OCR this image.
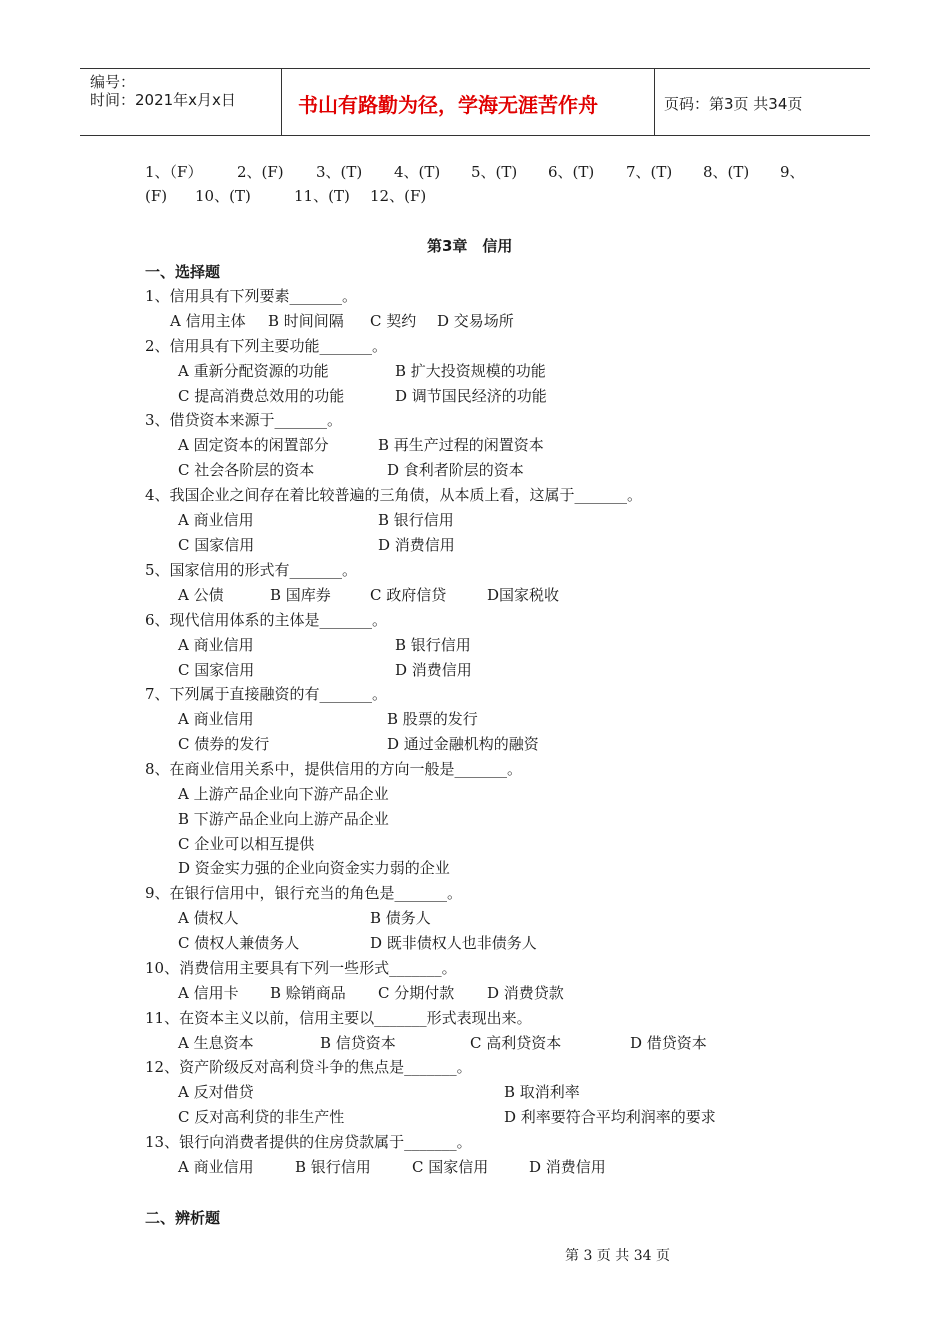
编号：
时间：2021年x月x日	书山有路勤为径，学海无涯苦作舟	页码：第3页 共34页
1、（F） 2、(F) 3、(T) 4、(T) 5、(T) 6、(T) 7、(T) 8、(T) 9、
(F) 10、(T)	11、(T) 12、(F)
第3章　信用
一、选择题
1、信用具有下列要素_______。
A 信用主体 B 时间间隔 C 契约 D 交易场所
2、信用具有下列主要功能_______。
A 重新分配资源的功能	B 扩大投资规模的功能
C 提高消费总效用的功能	D 调节国民经济的功能
3、借贷资本来源于_______。
A 固定资本的闲置部分	B 再生产过程的闲置资本
C 社会各阶层的资本	D 食利者阶层的资本
4、我国企业之间存在着比较普遍的三角债，从本质上看，这属于_______。
A 商业信用	B 银行信用
C 国家信用	D 消费信用
5、国家信用的形式有_______。
A 公债	B 国库券	C 政府信贷	D国家税收
6、现代信用体系的主体是_______。
A 商业信用	B 银行信用
C 国家信用	D 消费信用
7、下列属于直接融资的有_______。
A 商业信用	B 股票的发行
C 债券的发行	D 通过金融机构的融资
8、在商业信用关系中，提供信用的方向一般是_______。
A 上游产品企业向下游产品企业
B 下游产品企业向上游产品企业
C 企业可以相互提供
D 资金实力强的企业向资金实力弱的企业
9、在银行信用中，银行充当的角色是_______。
A 债权人	B 债务人
C 债权人兼债务人	D 既非债权人也非债务人
10、消费信用主要具有下列一些形式_______。
A 信用卡 B 赊销商品 C 分期付款 D 消费贷款
11、在资本主义以前，信用主要以_______形式表现出来。
A 生息资本	B 信贷资本	C 高利贷资本	D 借贷资本
12、资产阶级反对高利贷斗争的焦点是_______。
A 反对借贷	B 取消利率
C 反对高利贷的非生产性	D 利率要符合平均利润率的要求
13、银行向消费者提供的住房贷款属于_______。
A 商业信用	B 银行信用	C 国家信用	D 消费信用
二、辨析题
第 3 页 共 34 页
